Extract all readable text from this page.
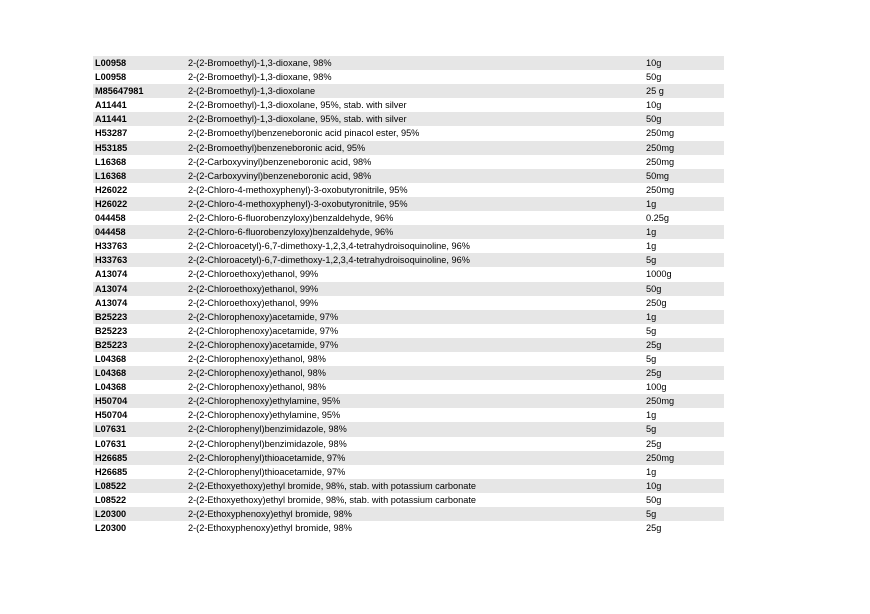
L00958	2-(2-Bromoethyl)-1,3-dioxane, 98%	10g
L00958	2-(2-Bromoethyl)-1,3-dioxane, 98%	50g
M85647981	2-(2-Bromoethyl)-1,3-dioxolane	25 g
A11441	2-(2-Bromoethyl)-1,3-dioxolane, 95%, stab. with silver	10g
A11441	2-(2-Bromoethyl)-1,3-dioxolane, 95%, stab. with silver	50g
H53287	2-(2-Bromoethyl)benzeneboronic acid pinacol ester, 95%	250mg
H53185	2-(2-Bromoethyl)benzeneboronic acid, 95%	250mg
L16368	2-(2-Carboxyvinyl)benzeneboronic acid, 98%	250mg
L16368	2-(2-Carboxyvinyl)benzeneboronic acid, 98%	50mg
H26022	2-(2-Chloro-4-methoxyphenyl)-3-oxobutyronitrile, 95%	250mg
H26022	2-(2-Chloro-4-methoxyphenyl)-3-oxobutyronitrile, 95%	1g
044458	2-(2-Chloro-6-fluorobenzyloxy)benzaldehyde, 96%	0.25g
044458	2-(2-Chloro-6-fluorobenzyloxy)benzaldehyde, 96%	1g
H33763	2-(2-Chloroacetyl)-6,7-dimethoxy-1,2,3,4-tetrahydroisoquinoline, 96%	1g
H33763	2-(2-Chloroacetyl)-6,7-dimethoxy-1,2,3,4-tetrahydroisoquinoline, 96%	5g
A13074	2-(2-Chloroethoxy)ethanol, 99%	1000g
A13074	2-(2-Chloroethoxy)ethanol, 99%	50g
A13074	2-(2-Chloroethoxy)ethanol, 99%	250g
B25223	2-(2-Chlorophenoxy)acetamide, 97%	1g
B25223	2-(2-Chlorophenoxy)acetamide, 97%	5g
B25223	2-(2-Chlorophenoxy)acetamide, 97%	25g
L04368	2-(2-Chlorophenoxy)ethanol, 98%	5g
L04368	2-(2-Chlorophenoxy)ethanol, 98%	25g
L04368	2-(2-Chlorophenoxy)ethanol, 98%	100g
H50704	2-(2-Chlorophenoxy)ethylamine, 95%	250mg
H50704	2-(2-Chlorophenoxy)ethylamine, 95%	1g
L07631	2-(2-Chlorophenyl)benzimidazole, 98%	5g
L07631	2-(2-Chlorophenyl)benzimidazole, 98%	25g
H26685	2-(2-Chlorophenyl)thioacetamide, 97%	250mg
H26685	2-(2-Chlorophenyl)thioacetamide, 97%	1g
L08522	2-(2-Ethoxyethoxy)ethyl bromide, 98%, stab. with potassium carbonate	10g
L08522	2-(2-Ethoxyethoxy)ethyl bromide, 98%, stab. with potassium carbonate	50g
L20300	2-(2-Ethoxyphenoxy)ethyl bromide, 98%	5g
L20300	2-(2-Ethoxyphenoxy)ethyl bromide, 98%	25g
